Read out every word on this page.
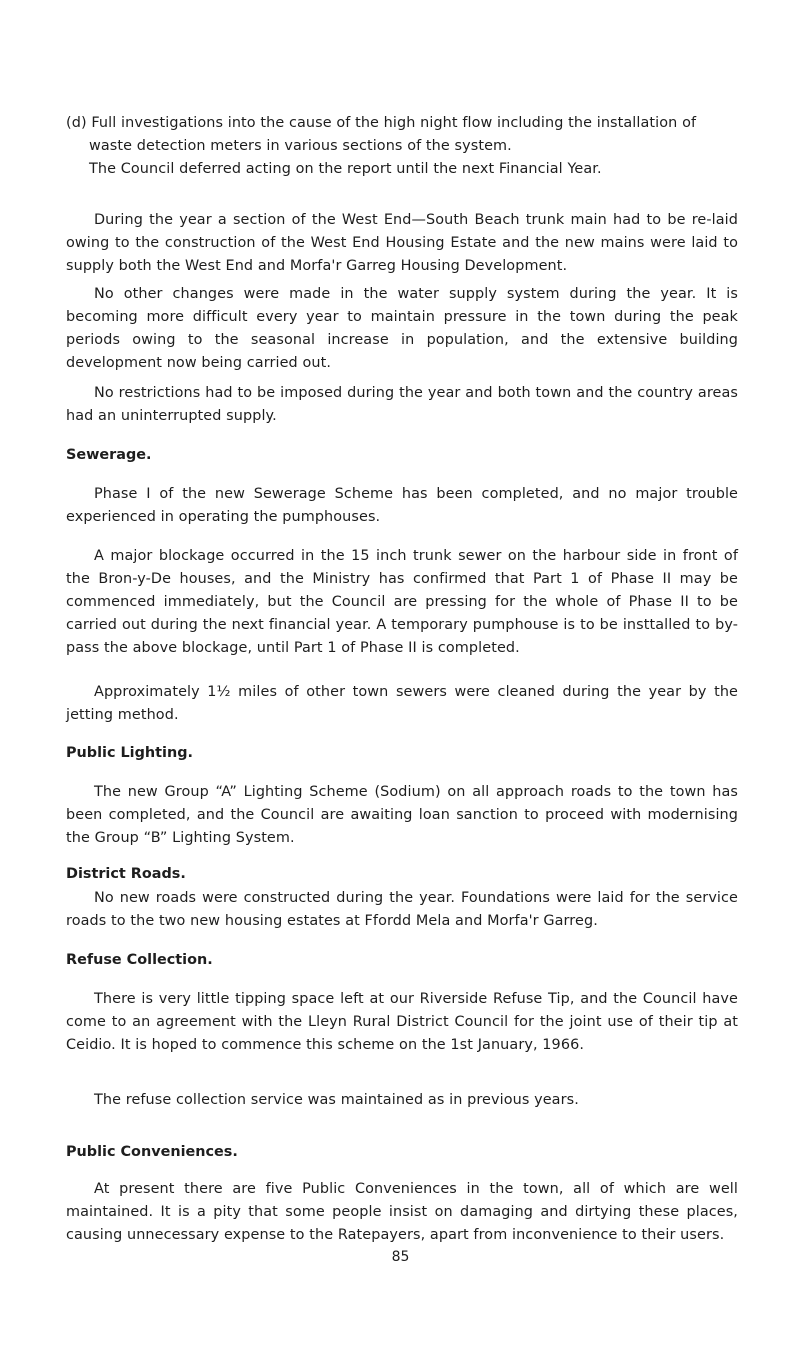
(d) Full investigations into the cause of the high night flow including the installation of
waste detection meters in various sections of the system.
The Council deferred acting on the report until the next Financial Year.

During the year a section of the West End—South Beach trunk main had to be re-laid owing to the construction of the West End Housing Estate and the new mains were laid to supply both the West End and Morfa'r Garreg Housing Development.

No other changes were made in the water supply system during the year. It is becoming more difficult every year to maintain pressure in the town during the peak periods owing to the seasonal increase in population, and the extensive building development now being carried out.

No restrictions had to be imposed during the year and both town and the country areas had an uninterrupted supply.

Sewerage.

Phase I of the new Sewerage Scheme has been completed, and no major trouble experienced in operating the pumphouses.

A major blockage occurred in the 15 inch trunk sewer on the harbour side in front of the Bron-y-De houses, and the Ministry has confirmed that Part 1 of Phase II may be commenced immediately, but the Council are pressing for the whole of Phase II to be carried out during the next financial year. A temporary pumphouse is to be insttalled to by-pass the above blockage, until Part 1 of Phase II is completed.

Approximately 1½ miles of other town sewers were cleaned during the year by the jetting method.

Public Lighting.

The new Group “A” Lighting Scheme (Sodium) on all approach roads to the town has been completed, and the Council are awaiting loan sanction to proceed with modernising the Group “B” Lighting System.

District Roads.

No new roads were constructed during the year. Foundations were laid for the service roads to the two new housing estates at Ffordd Mela and Morfa'r Garreg.

Refuse Collection.

There is very little tipping space left at our Riverside Refuse Tip, and the Council have come to an agreement with the Lleyn Rural District Council for the joint use of their tip at Ceidio. It is hoped to commence this scheme on the 1st January, 1966.

The refuse collection service was maintained as in previous years.

Public Conveniences.

At present there are five Public Conveniences in the town, all of which are well maintained. It is a pity that some people insist on damaging and dirtying these places, causing unnecessary expense to the Ratepayers, apart from inconvenience to their users.

85
